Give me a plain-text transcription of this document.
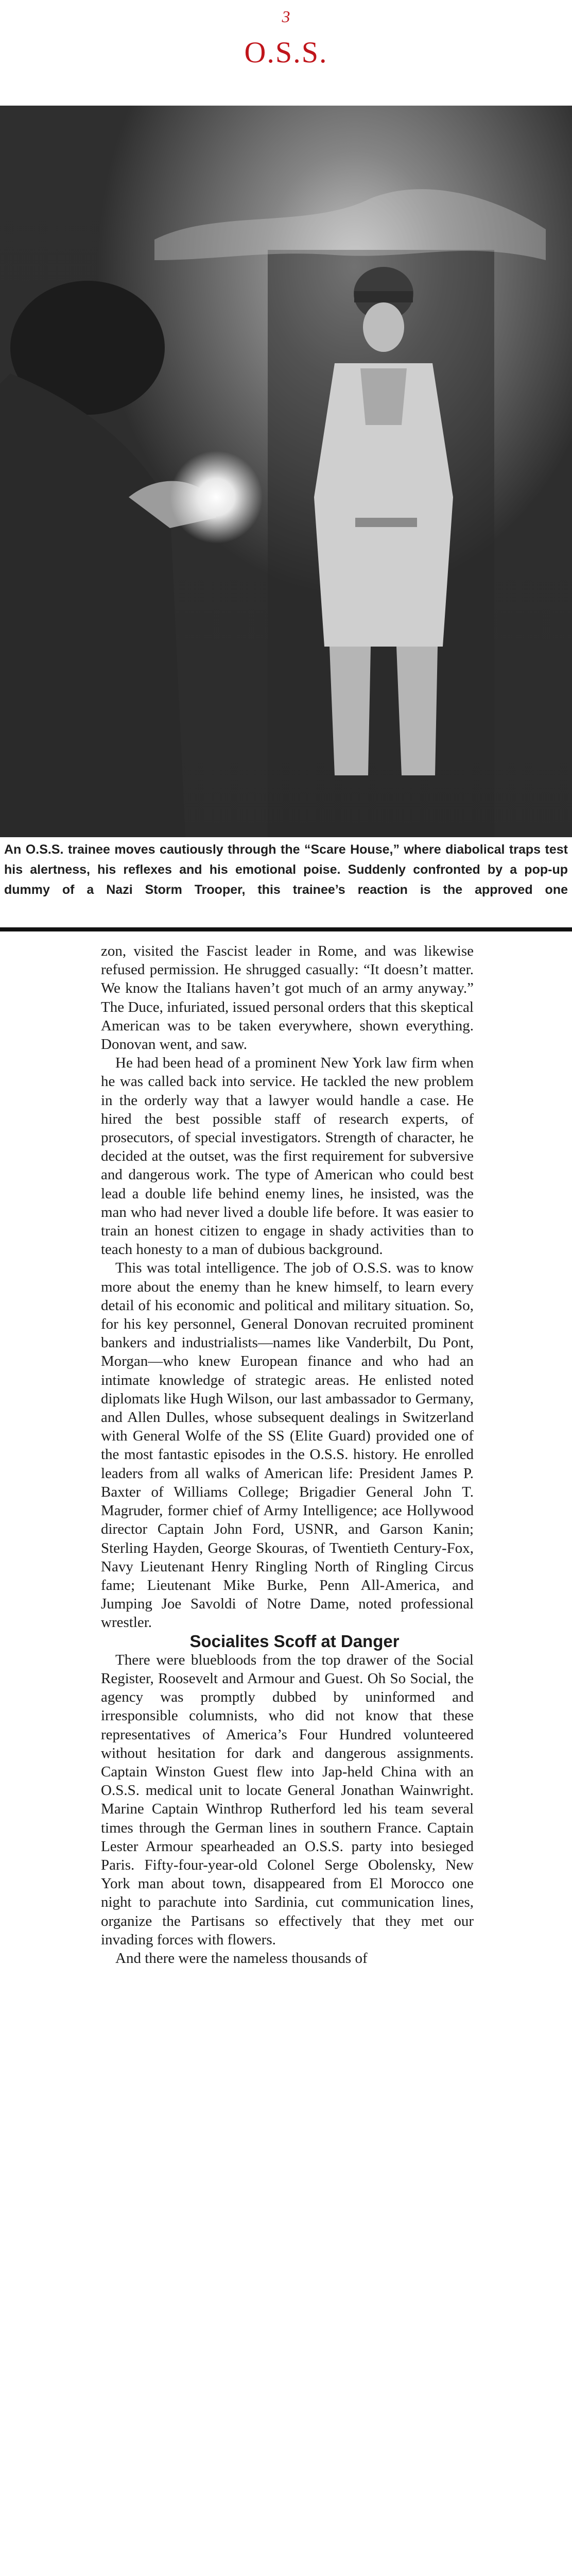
3
O.S.S.
An O.S.S. trainee moves cautiously through the “Scare House,” where diabolical traps test his alertness, his reflexes and his emotional poise. Suddenly confronted by a pop-up dummy of a Nazi Storm Trooper, this trainee’s reaction is the approved one

zon, visited the Fascist leader in Rome, and was likewise refused permission. He shrugged casually: “It doesn’t matter. We know the Italians haven’t got much of an army anyway.” The Duce, infuriated, issued personal orders that this skeptical American was to be taken everywhere, shown everything. Donovan went, and saw.

He had been head of a prominent New York law firm when he was called back into service. He tackled the new problem in the orderly way that a lawyer would handle a case. He hired the best possible staff of research experts, of prosecutors, of special investigators. Strength of character, he decided at the outset, was the first requirement for subversive and dangerous work. The type of American who could best lead a double life behind enemy lines, he insisted, was the man who had never lived a double life before. It was easier to train an honest citizen to engage in shady activities than to teach honesty to a man of dubious background.

This was total intelligence. The job of O.S.S. was to know more about the enemy than he knew himself, to learn every detail of his economic and political and military situation. So, for his key personnel, General Donovan recruited prominent bankers and industrialists—names like Vanderbilt, Du Pont, Morgan—who knew European finance and who had an intimate knowledge of strategic areas. He enlisted noted diplomats like Hugh Wilson, our last ambassador to Germany, and Allen Dulles, whose subsequent dealings in Switzerland with General Wolfe of the SS (Elite Guard) provided one of the most fantastic episodes in the O.S.S. history. He enrolled leaders from all walks of American life: President James P. Baxter of Williams College; Brigadier General John T. Magruder, former chief of Army Intelligence; ace Hollywood director Captain John Ford, USNR, and Garson Kanin; Sterling Hayden, George Skouras, of Twentieth Century-Fox, Navy Lieutenant Henry Ringling North of Ringling Circus fame; Lieutenant Mike Burke, Penn All-America, and Jumping Joe Savoldi of Notre Dame, noted professional wrestler.

Socialites Scoff at Danger

There were bluebloods from the top drawer of the Social Register, Roosevelt and Armour and Guest. Oh So Social, the agency was promptly dubbed by uninformed and irresponsible columnists, who did not know that these representatives of America’s Four Hundred volunteered without hesitation for dark and dangerous assignments. Captain Winston Guest flew into Jap-held China with an O.S.S. medical unit to locate General Jonathan Wainwright. Marine Captain Winthrop Rutherford led his team several times through the German lines in southern France. Captain Lester Armour spearheaded an O.S.S. party into besieged Paris. Fifty-four-year-old Colonel Serge Obolensky, New York man about town, disappeared from El Morocco one night to parachute into Sardinia, cut communication lines, organize the Partisans so effectively that they met our invading forces with flowers.

And there were the nameless thousands of
